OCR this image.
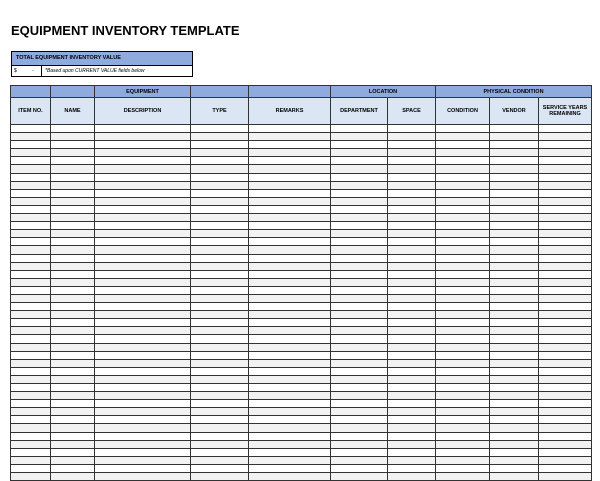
EQUIPMENT INVENTORY TEMPLATE
TOTAL EQUIPMENT INVENTORY VALUE
$	-	*Based upon CURRENT VALUE fields below
		EQUIPMENT			LOCATION		PHYSICAL CONDITION		
ITEM NO.	NAME	DESCRIPTION	TYPE	REMARKS	DEPARTMENT	SPACE	CONDITION	VENDOR	SERVICE YEARS REMAINING
